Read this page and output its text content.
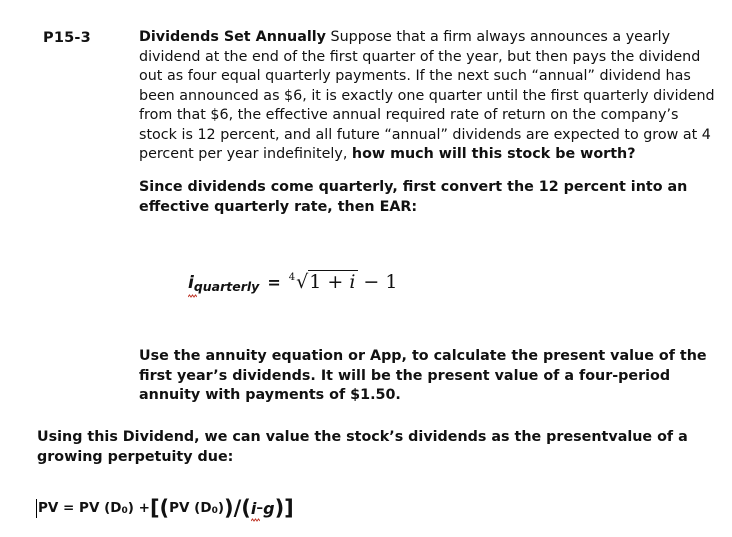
P15-3	Dividends Set Annually Suppose that a firm always announces a yearly dividend at the end of the first quarter of the year, but then pays the dividend out as four equal quarterly payments. If the next such “annual” dividend has been announced as $6, it is exactly one quarter until the first quarterly dividend from that $6, the effective annual required rate of return on the company’s stock is 12 percent, and all future “annual” dividends are expected to grow at 4 percent per year indefinitely, how much will this stock be worth?
Since dividends come quarterly, first convert the 12 percent into an effective quarterly rate, then EAR:
i quarterly = 4 √ 1 + i − 1
Use the annuity equation or App, to calculate the present value of the first year’s dividends. It will be the present value of a four-period annuity with payments of $1.50.
Using this Dividend, we can value the stock’s dividends as the presentvalue of a growing perpetuity due:
PV = PV (D 0 ) + [( PV (D 0 ) )/( i – g )]
